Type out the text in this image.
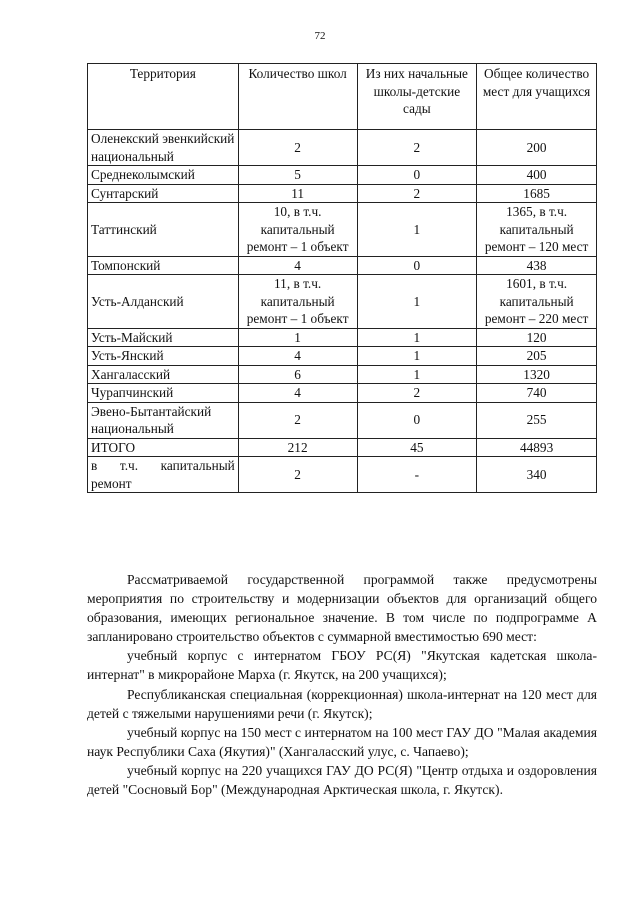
72
Территория	Количество школ	Из них начальные школы-детские сады	Общее количество мест для учащихся
Оленекский эвенкийский национальный	2	2	200
Среднеколымский	5	0	400
Сунтарский	11	2	1685
Таттинский	10, в т.ч. капитальный ремонт – 1 объект	1	1365, в т.ч. капитальный ремонт – 120 мест
Томпонский	4	0	438
Усть-Алданский	11, в т.ч. капитальный ремонт – 1 объект	1	1601, в т.ч. капитальный ремонт – 220 мест
Усть-Майский	1	1	120
Усть-Янский	4	1	205
Хангаласский	6	1	1320
Чурапчинский	4	2	740
Эвено-Бытантайский национальный	2	0	255
ИТОГО	212	45	44893
в т.ч. капитальный ремонт	2	-	340

Рассматриваемой государственной программой также предусмотрены мероприятия по строительству и модернизации объектов для организаций общего образования, имеющих региональное значение. В том числе по подпрограмме А запланировано строительство объектов с суммарной вместимостью 690 мест:

учебный корпус с интернатом ГБОУ РС(Я) "Якутская кадетская школа-интернат" в микрорайоне Марха (г. Якутск, на 200 учащихся);

Республиканская специальная (коррекционная) школа-интернат на 120 мест для детей с тяжелыми нарушениями речи (г. Якутск);

учебный корпус на 150 мест с интернатом на 100 мест ГАУ ДО "Малая академия наук Республики Саха (Якутия)" (Хангаласский улус, с. Чапаево);

учебный корпус на 220 учащихся ГАУ ДО РС(Я) "Центр отдыха и оздоровления детей "Сосновый Бор" (Международная Арктическая школа, г. Якутск).
